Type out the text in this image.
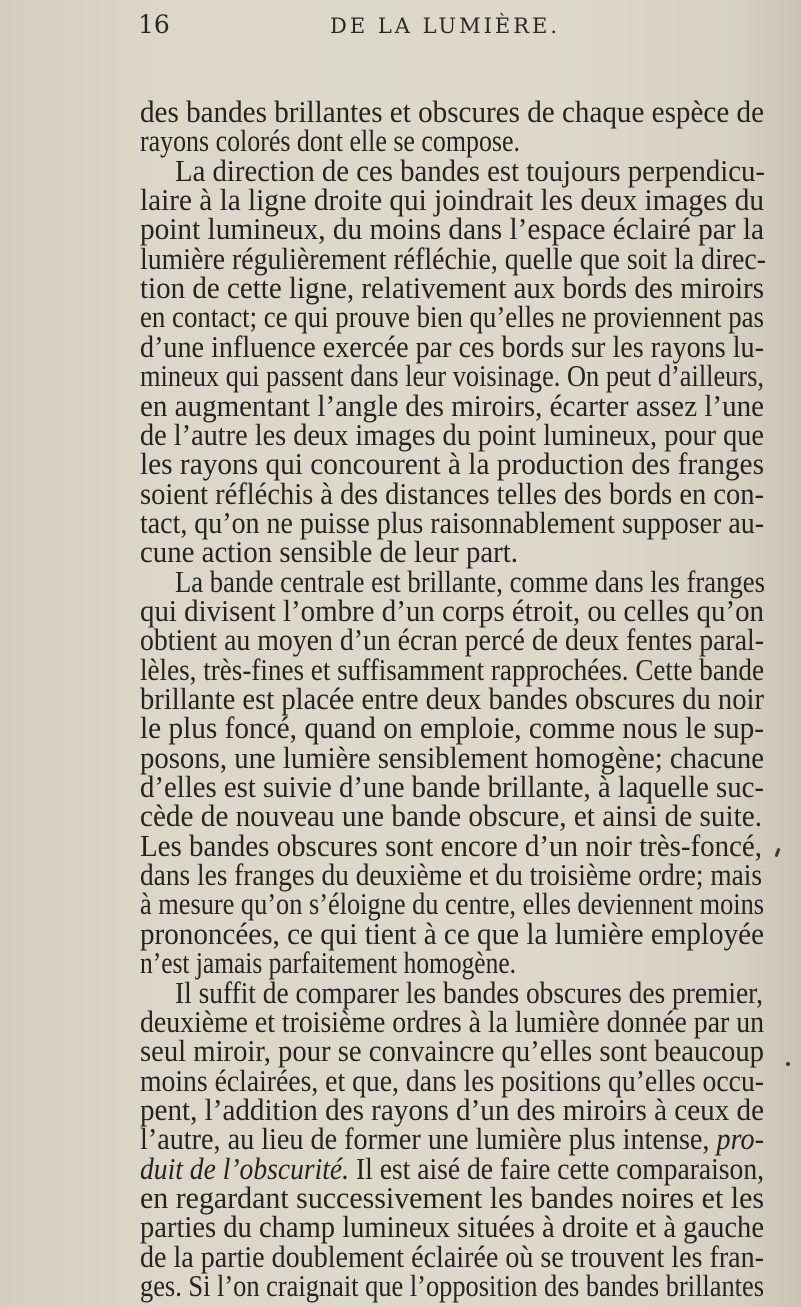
16	DE LA LUMIÈRE.
des bandes brillantes et obscures de chaque espèce de
rayons colorés dont elle se compose.
La direction de ces bandes est toujours perpendicu-
laire à la ligne droite qui joindrait les deux images du
point lumineux, du moins dans l’espace éclairé par la
lumière régulièrement réfléchie, quelle que soit la direc-
tion de cette ligne, relativement aux bords des miroirs
en contact; ce qui prouve bien qu’elles ne proviennent pas
d’une influence exercée par ces bords sur les rayons lu-
mineux qui passent dans leur voisinage. On peut d’ailleurs,
en augmentant l’angle des miroirs, écarter assez l’une
de l’autre les deux images du point lumineux, pour que
les rayons qui concourent à la production des franges
soient réfléchis à des distances telles des bords en con-
tact, qu’on ne puisse plus raisonnablement supposer au-
cune action sensible de leur part.
La bande centrale est brillante, comme dans les franges
qui divisent l’ombre d’un corps étroit, ou celles qu’on
obtient au moyen d’un écran percé de deux fentes paral-
lèles, très-fines et suffisamment rapprochées. Cette bande
brillante est placée entre deux bandes obscures du noir
le plus foncé, quand on emploie, comme nous le sup-
posons, une lumière sensiblement homogène; chacune
d’elles est suivie d’une bande brillante, à laquelle suc-
cède de nouveau une bande obscure, et ainsi de suite.
Les bandes obscures sont encore d’un noir très-foncé,
dans les franges du deuxième et du troisième ordre; mais
à mesure qu’on s’éloigne du centre, elles deviennent moins
prononcées, ce qui tient à ce que la lumière employée
n’est jamais parfaitement homogène.
Il suffit de comparer les bandes obscures des premier,
deuxième et troisième ordres à la lumière donnée par un
seul miroir, pour se convaincre qu’elles sont beaucoup
moins éclairées, et que, dans les positions qu’elles occu-
pent, l’addition des rayons d’un des miroirs à ceux de
l’autre, au lieu de former une lumière plus intense, pro-
duit de l’obscurité. Il est aisé de faire cette comparaison,
en regardant successivement les bandes noires et les
parties du champ lumineux situées à droite et à gauche
de la partie doublement éclairée où se trouvent les fran-
ges. Si l’on craignait que l’opposition des bandes brillantes
